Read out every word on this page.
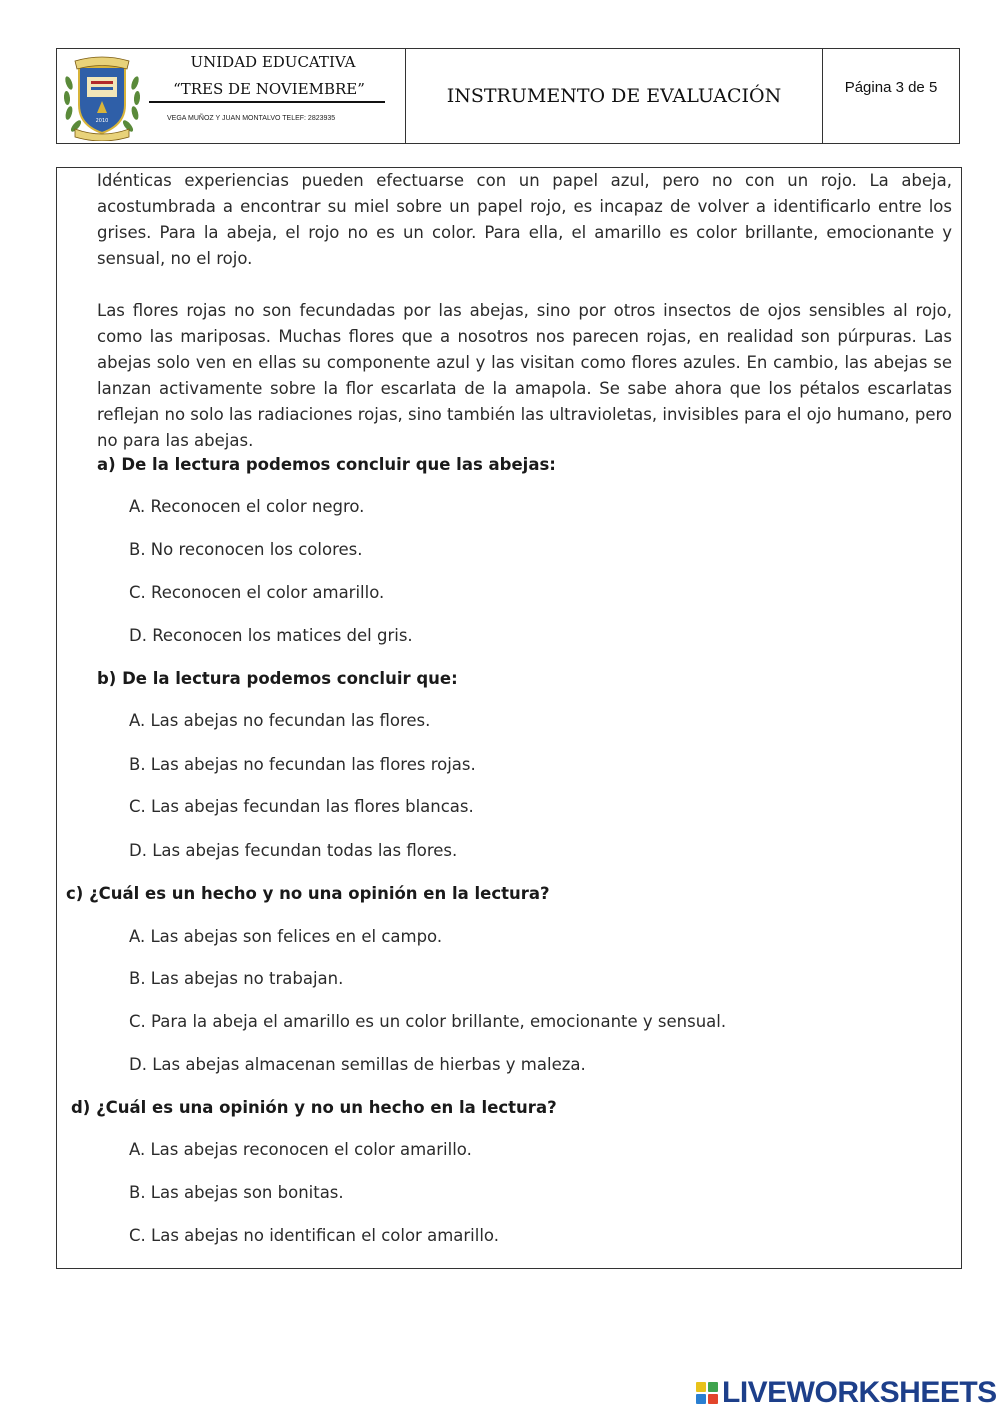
2010
UNIDAD EDUCATIVA
“TRES DE NOVIEMBRE”
VEGA MUÑOZ Y JUAN MONTALVO TELEF: 2823935
INSTRUMENTO DE EVALUACIÓN	Página 3 de 5

Idénticas experiencias pueden efectuarse con un papel azul, pero no con un rojo. La abeja, acostumbrada a encontrar su miel sobre un papel rojo, es incapaz de volver a identificarlo entre los grises. Para la abeja, el rojo no es un color. Para ella, el amarillo es color brillante, emocionante y sensual, no el rojo.

Las flores rojas no son fecundadas por las abejas, sino por otros insectos de ojos sensibles al rojo, como las mariposas. Muchas flores que a nosotros nos parecen rojas, en realidad son púrpuras. Las abejas solo ven en ellas su componente azul y las visitan como flores azules. En cambio, las abejas se lanzan activamente sobre la flor escarlata de la amapola. Se sabe ahora que los pétalos escarlatas reflejan no solo las radiaciones rojas, sino también las ultravioletas, invisibles para el ojo humano, pero no para las abejas.

a) De la lectura podemos concluir que las abejas:
A. Reconocen el color negro.
B. No reconocen los colores.
C. Reconocen el color amarillo.
D. Reconocen los matices del gris.
b) De la lectura podemos concluir que:
A. Las abejas no fecundan las flores.
B. Las abejas no fecundan las flores rojas.
C. Las abejas fecundan las flores blancas.
D. Las abejas fecundan todas las flores.
c) ¿Cuál es un hecho y no una opinión en la lectura?
A. Las abejas son felices en el campo.
B. Las abejas no trabajan.
C. Para la abeja el amarillo es un color brillante, emocionante y sensual.
D. Las abejas almacenan semillas de hierbas y maleza.
d) ¿Cuál es una opinión y no un hecho en la lectura?
A. Las abejas reconocen el color amarillo.
B. Las abejas son bonitas.
C. Las abejas no identifican el color amarillo.
LIVEWORKSHEETS
